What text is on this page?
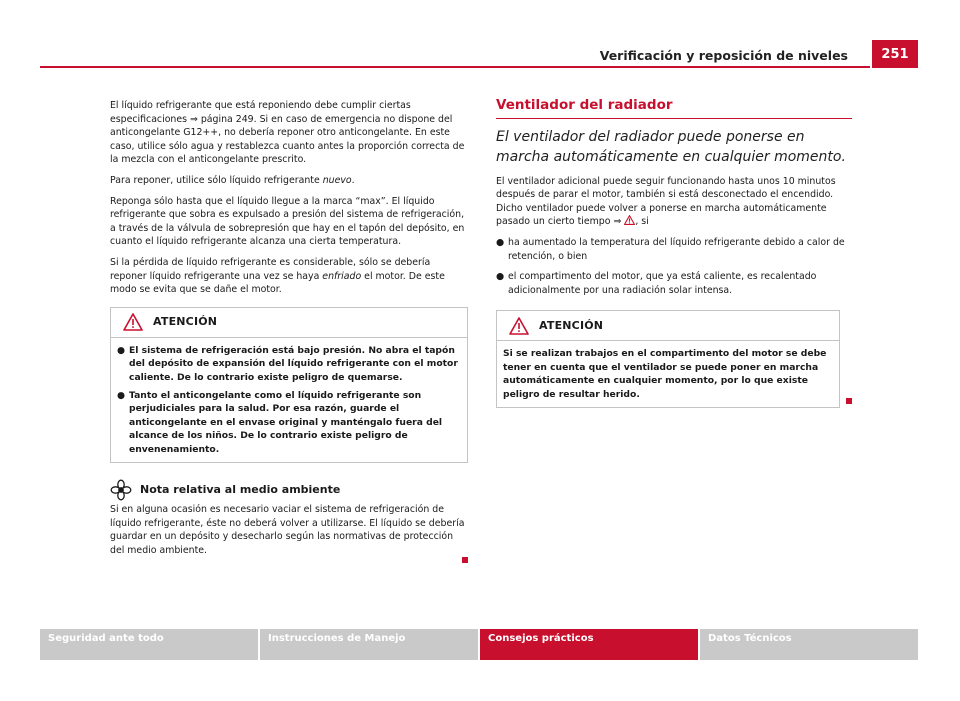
Verificación y reposición de niveles	251

El líquido refrigerante que está reponiendo debe cumplir ciertas especificaciones ⇒ página 249. Si en caso de emergencia no dispone del anticongelante G12++, no debería reponer otro anticongelante. En este caso, utilice sólo agua y restablezca cuanto antes la proporción correcta de la mezcla con el anticongelante prescrito.

Para reponer, utilice sólo líquido refrigerante nuevo.

Reponga sólo hasta que el líquido llegue a la marca “max”. El líquido refrigerante que sobra es expulsado a presión del sistema de refrigeración, a través de la válvula de sobrepresión que hay en el tapón del depósito, en cuanto el líquido refrigerante alcanza una cierta temperatura.

Si la pérdida de líquido refrigerante es considerable, sólo se debería reponer líquido refrigerante una vez se haya enfriado el motor. De este modo se evita que se dañe el motor.

ATENCIÓN

● El sistema de refrigeración está bajo presión. No abra el tapón del depósito de expansión del líquido refrigerante con el motor caliente. De lo contrario existe peligro de quemarse.

● Tanto el anticongelante como el líquido refrigerante son perjudiciales para la salud. Por esa razón, guarde el anticongelante en el envase original y manténgalo fuera del alcance de los niños. De lo contrario existe peligro de envenenamiento.

Nota relativa al medio ambiente

Si en alguna ocasión es necesario vaciar el sistema de refrigeración de líquido refrigerante, éste no deberá volver a utilizarse. El líquido se debería guardar en un depósito y desecharlo según las normativas de protección del medio ambiente.

Ventilador del radiador
El ventilador del radiador puede ponerse en marcha automáticamente en cualquier momento.

El ventilador adicional puede seguir funcionando hasta unos 10 minutos después de parar el motor, también si está desconectado el encendido. Dicho ventilador puede volver a ponerse en marcha automáticamente pasado un cierto tiempo ⇒ , si

● ha aumentado la temperatura del líquido refrigerante debido a calor de retención, o bien

● el compartimento del motor, que ya está caliente, es recalentado adicionalmente por una radiación solar intensa.

ATENCIÓN

Si se realizan trabajos en el compartimento del motor se debe tener en cuenta que el ventilador se puede poner en marcha automáticamente en cualquier momento, por lo que existe peligro de resultar herido.

Seguridad ante todo	Instrucciones de Manejo	Consejos prácticos	Datos Técnicos
